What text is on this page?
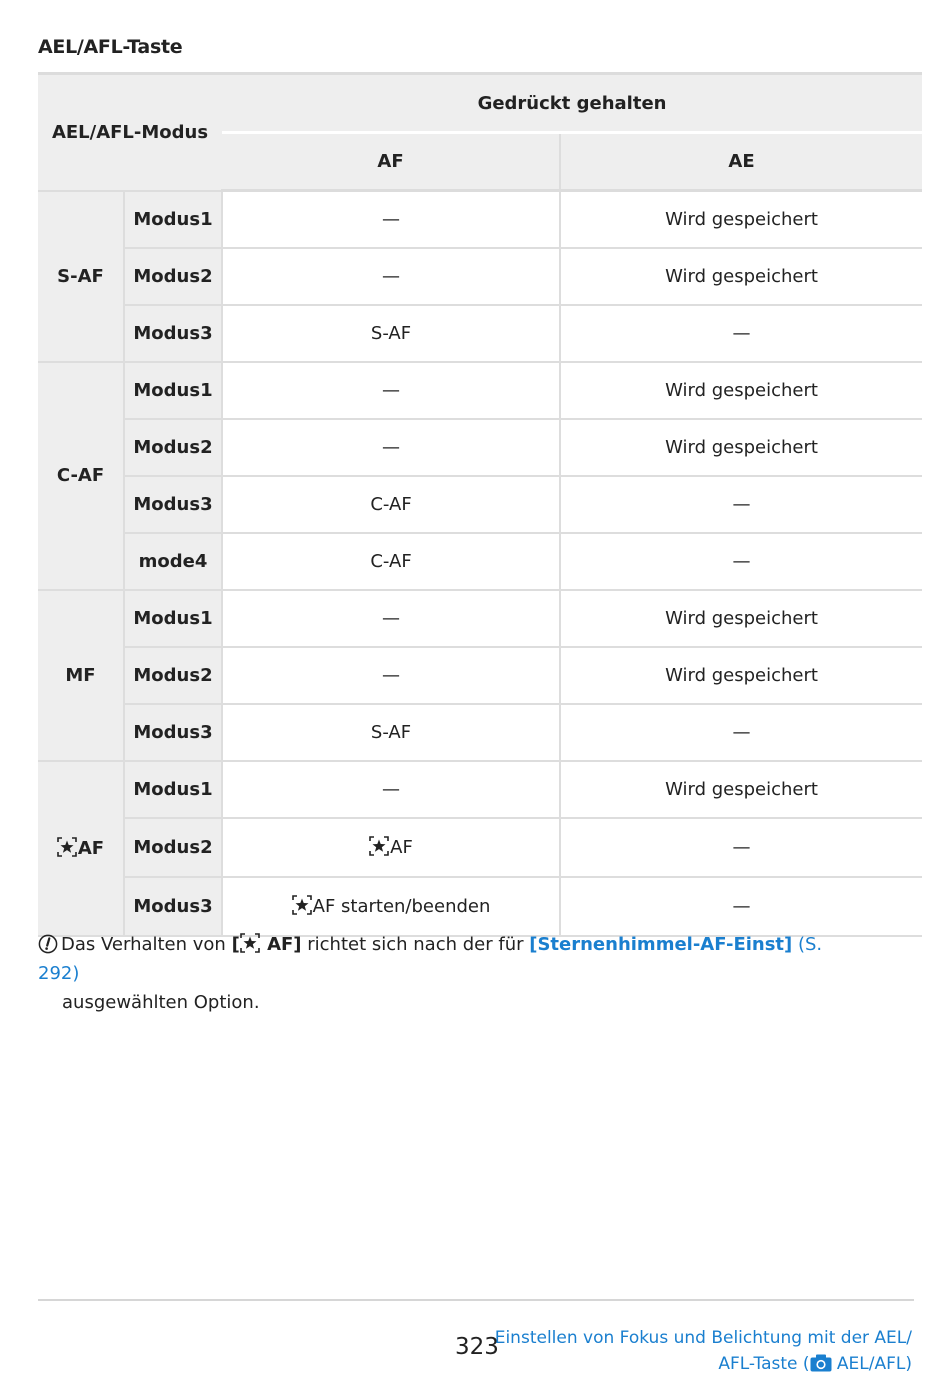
AEL/AFL-Taste
AEL/AFL-Modus		Gedrückt gehalten	
		AF	AE
S-AF	Modus1	—	Wird gespeichert
	Modus2	—	Wird gespeichert
	Modus3	S-AF	—
C-AF	Modus1	—	Wird gespeichert
	Modus2	—	Wird gespeichert
	Modus3	C-AF	—
	mode4	C-AF	—
MF	Modus1	—	Wird gespeichert
	Modus2	—	Wird gespeichert
	Modus3	S-AF	—
AF	Modus1	—	Wird gespeichert
	Modus2	AF	—
	Modus3	AF starten/beenden	—
Das Verhalten von [ AF] richtet sich nach der für [Sternenhimmel-AF-Einst] (S. 292)
ausgewählten Option.
323
Einstellen von Fokus und Belichtung mit der AEL/
AFL-Taste ( AEL/AFL)
